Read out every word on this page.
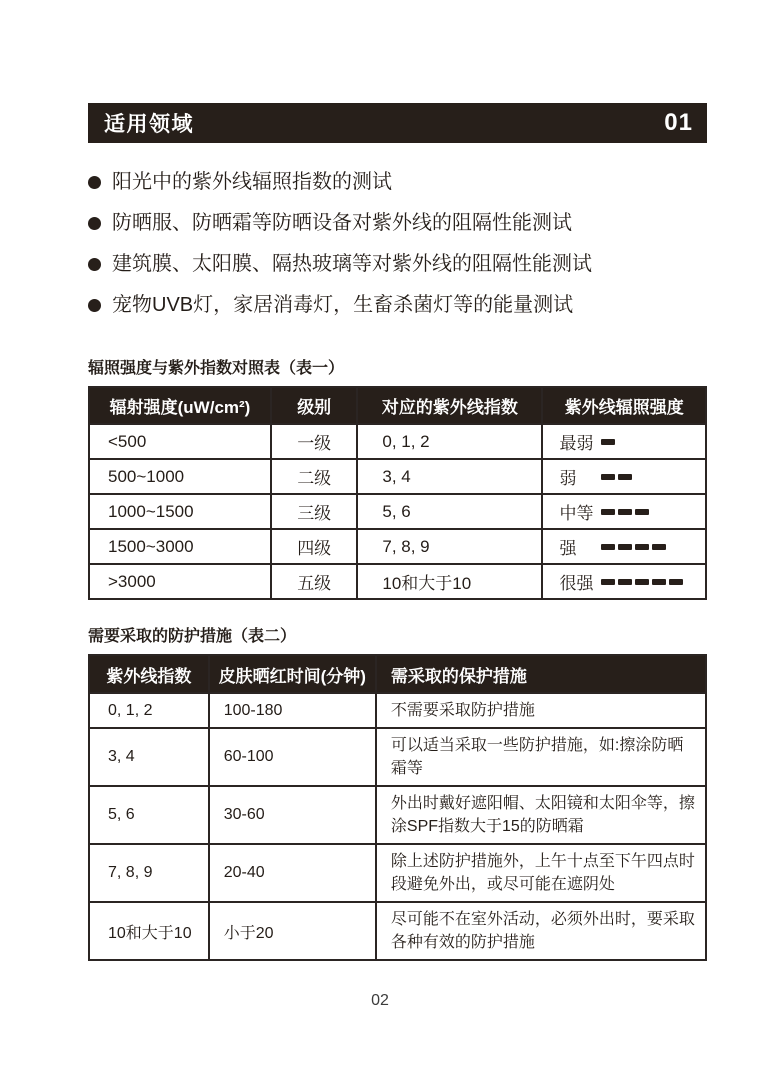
适用领域	01
阳光中的紫外线辐照指数的测试
防晒服、防晒霜等防晒设备对紫外线的阻隔性能测试
建筑膜、太阳膜、隔热玻璃等对紫外线的阻隔性能测试
宠物UVB灯，家居消毒灯，生畜杀菌灯等的能量测试
辐照强度与紫外指数对照表（表一）
辐射强度(uW/cm²)	级别	对应的紫外线指数	紫外线辐照强度
<500	一级	0, 1, 2	最弱

500~1000	二级	3, 4	弱

1000~1500	三级	5, 6	中等

1500~3000	四级	7, 8, 9	强

>3000	五级	10和大于10	很强
需要采取的防护措施（表二）
紫外线指数	皮肤晒红时间(分钟)	需采取的保护措施
0, 1, 2	100-180	不需要采取防护措施
3, 4	60-100	可以适当采取一些防护措施，如:擦涂防晒霜等
5, 6	30-60	外出时戴好遮阳帽、太阳镜和太阳伞等，擦涂SPF指数大于15的防晒霜
7, 8, 9	20-40	除上述防护措施外，上午十点至下午四点时段避免外出，或尽可能在遮阴处
10和大于10	小于20	尽可能不在室外活动，必须外出时，要采取各种有效的防护措施
02
